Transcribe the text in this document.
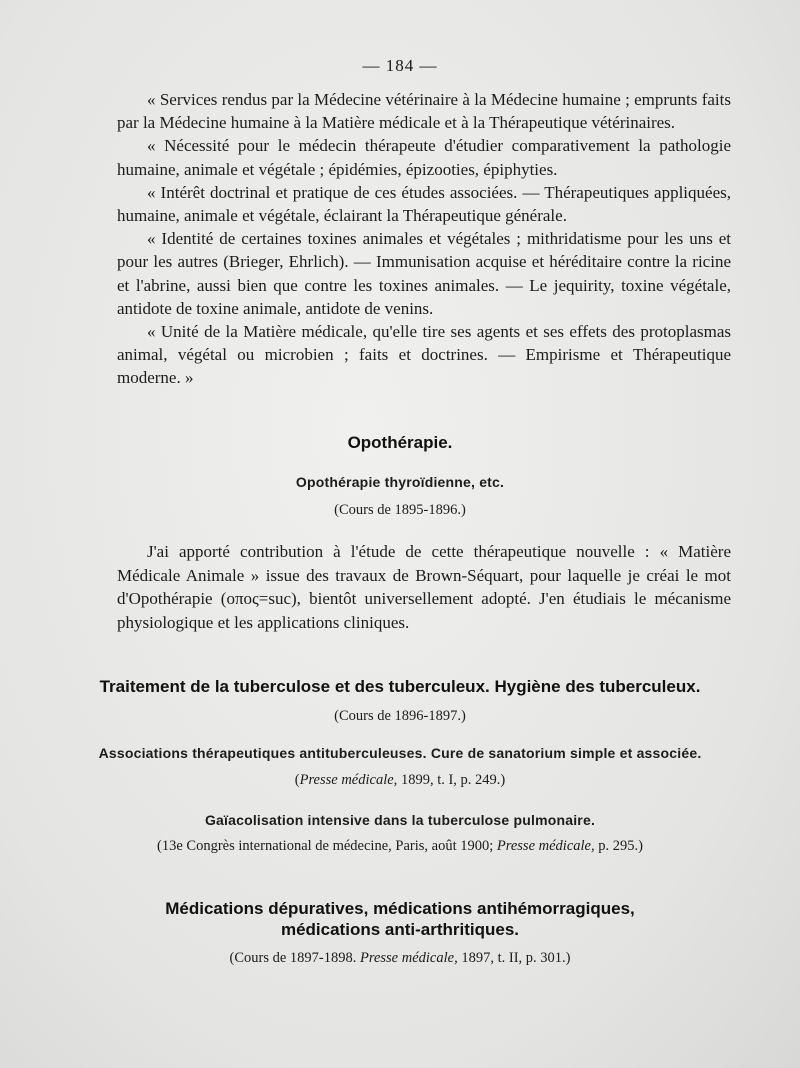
— 184 —

« Services rendus par la Médecine vétérinaire à la Médecine humaine ; emprunts faits par la Médecine humaine à la Matière médicale et à la Thérapeutique vétérinaires.

« Nécessité pour le médecin thérapeute d'étudier comparativement la pathologie humaine, animale et végétale ; épidémies, épizooties, épiphyties.

« Intérêt doctrinal et pratique de ces études associées. — Thérapeutiques appliquées, humaine, animale et végétale, éclairant la Thérapeutique générale.

« Identité de certaines toxines animales et végétales ; mithridatisme pour les uns et pour les autres (Brieger, Ehrlich). — Immunisation acquise et héréditaire contre la ricine et l'abrine, aussi bien que contre les toxines animales. — Le jequirity, toxine végétale, antidote de toxine animale, antidote de venins.

« Unité de la Matière médicale, qu'elle tire ses agents et ses effets des protoplasmas animal, végétal ou microbien ; faits et doctrines. — Empirisme et Thérapeutique moderne. »

Opothérapie.
Opothérapie thyroïdienne, etc.
(Cours de 1895-1896.)

J'ai apporté contribution à l'étude de cette thérapeutique nouvelle : « Matière Médicale Animale » issue des travaux de Brown-Séquart, pour laquelle je créai le mot d'Opothérapie (οπος=suc), bientôt universellement adopté. J'en étudiais le mécanisme physiologique et les applications cliniques.

Traitement de la tuberculose et des tuberculeux. Hygiène des tuberculeux.
(Cours de 1896-1897.)
Associations thérapeutiques antituberculeuses. Cure de sanatorium simple et associée.
(Presse médicale, 1899, t. I, p. 249.)
Gaïacolisation intensive dans la tuberculose pulmonaire.
(13e Congrès international de médecine, Paris, août 1900; Presse médicale, p. 295.)
Médications dépuratives, médications antihémorragiques,
médications anti-arthritiques.
(Cours de 1897-1898. Presse médicale, 1897, t. II, p. 301.)
